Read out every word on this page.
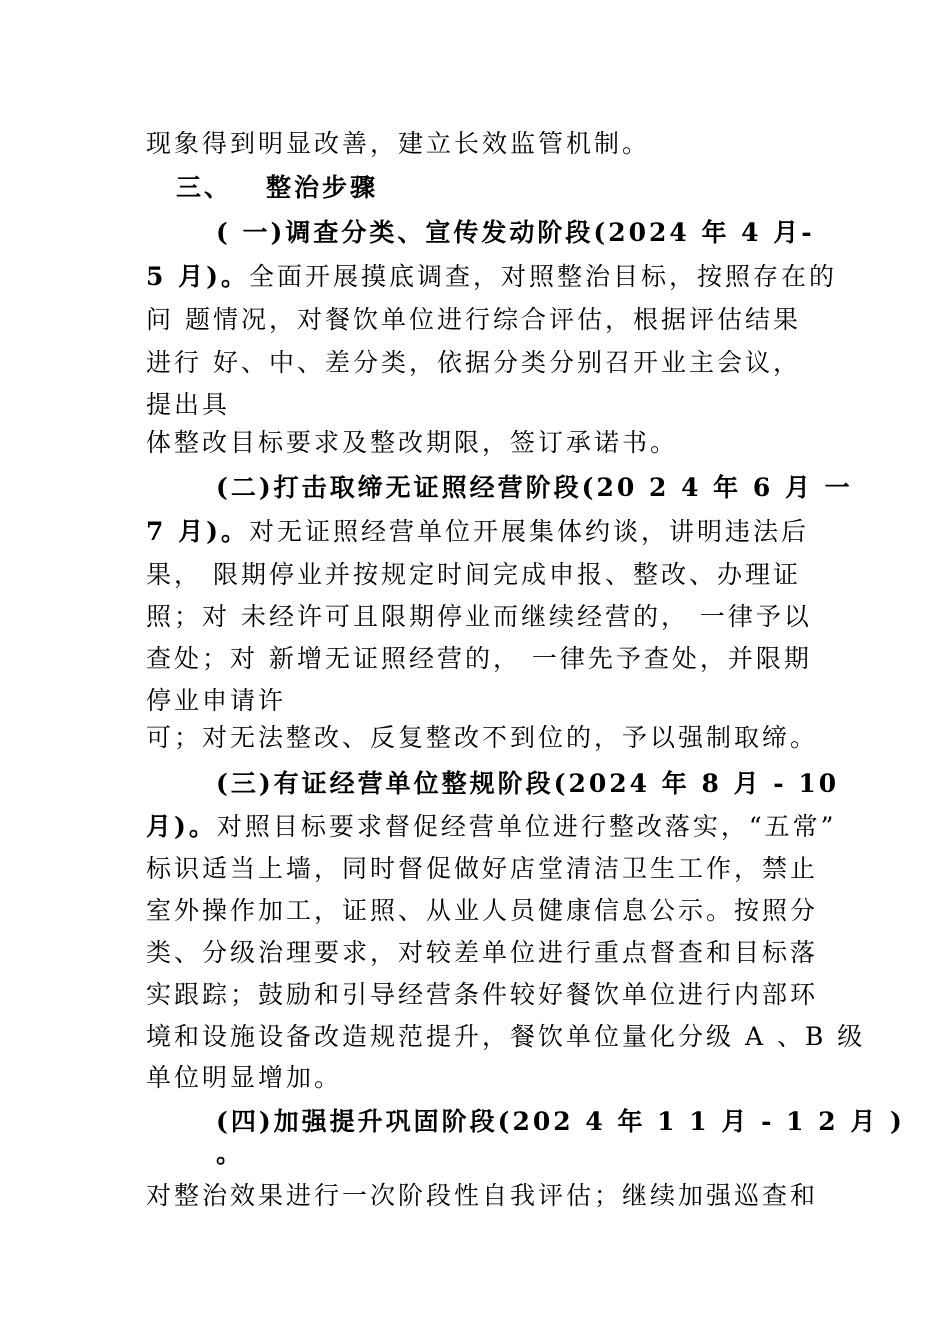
现象得到明显改善，建立长效监管机制。
三、 整治步骤
( 一)调查分类、宣传发动阶段(2024 年 4 月-
5 月)。全面开展摸底调查，对照整治目标，按照存在的
问 题情况，对餐饮单位进行综合评估，根据评估结果
进行 好、中、差分类，依据分类分别召开业主会议，
提出具
体整改目标要求及整改期限，签订承诺书。
(二)打击取缔无证照经营阶段(20 2 4 年 6 月 一
7 月)。对无证照经营单位开展集体约谈，讲明违法后
果， 限期停业并按规定时间完成申报、整改、办理证
照；对 未经许可且限期停业而继续经营的， 一律予以
查处；对 新增无证照经营的， 一律先予查处，并限期
停业申请许
可；对无法整改、反复整改不到位的，予以强制取缔。
(三)有证经营单位整规阶段(2024 年 8 月 - 10
月)。对照目标要求督促经营单位进行整改落实，“五常”
标识适当上墙，同时督促做好店堂清洁卫生工作，禁止
室外操作加工，证照、从业人员健康信息公示。按照分
类、分级治理要求，对较差单位进行重点督查和目标落
实跟踪；鼓励和引导经营条件较好餐饮单位进行内部环
境和设施设备改造规范提升，餐饮单位量化分级 A 、B 级
单位明显增加。
(四)加强提升巩固阶段(202 4 年 1 1 月 - 1 2 月 )
。
对整治效果进行一次阶段性自我评估；继续加强巡查和
